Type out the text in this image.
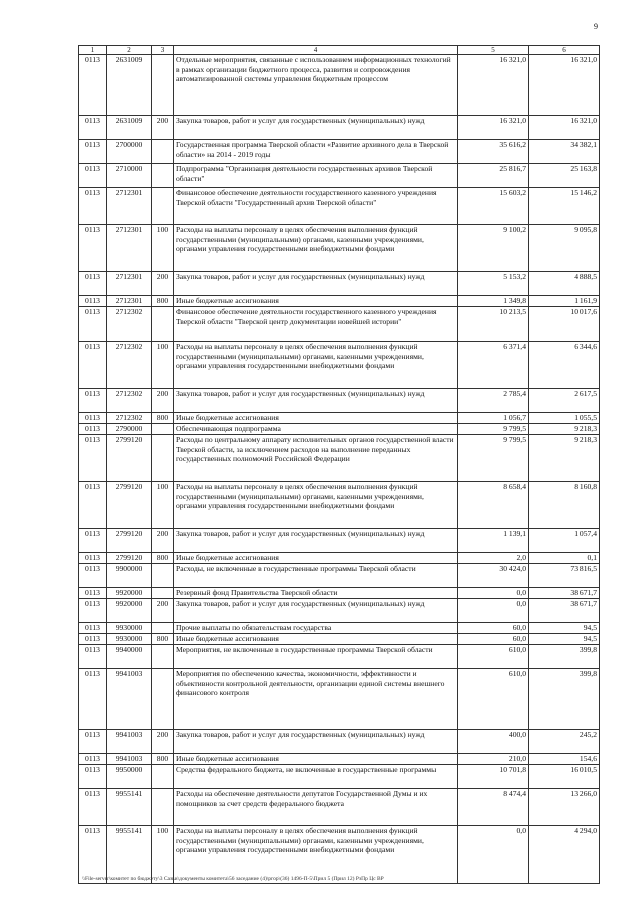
9
1	2	3	4	5	6
0113	2631009		Отдельные мероприятия, связанные с использованием информационных технологий в рамках организации бюджетного процесса, развития и сопровождения автоматизированной системы управления бюджетным процессом	16 321,0	16 321,0
0113	2631009	200	Закупка товаров, работ и услуг для государственных (муниципальных) нужд	16 321,0	16 321,0
0113	2700000		Государственная программа Тверской области «Развитие архивного дела в Тверской области» на 2014 - 2019 годы	35 616,2	34 382,1
0113	2710000		Подпрограмма "Организация деятельности государственных архивов Тверской области"	25 816,7	25 163,8
0113	2712301		Финансовое обеспечение деятельности государственного казенного учреждения Тверской области "Государственный архив Тверской области"	15 603,2	15 146,2
0113	2712301	100	Расходы на выплаты персоналу в целях обеспечения выполнения функций государственными (муниципальными) органами, казенными учреждениями, органами управления государственными внебюджетными фондами	9 100,2	9 095,8
0113	2712301	200	Закупка товаров, работ и услуг для государственных (муниципальных) нужд	5 153,2	4 888,5
0113	2712301	800	Иные бюджетные ассигнования	1 349,8	1 161,9
0113	2712302		Финансовое обеспечение деятельности государственного казенного учреждения Тверской области "Тверской центр документации новейшей истории"	10 213,5	10 017,6
0113	2712302	100	Расходы на выплаты персоналу в целях обеспечения выполнения функций государственными (муниципальными) органами, казенными учреждениями, органами управления государственными внебюджетными фондами	6 371,4	6 344,6
0113	2712302	200	Закупка товаров, работ и услуг для государственных (муниципальных) нужд	2 785,4	2 617,5
0113	2712302	800	Иные бюджетные ассигнования	1 056,7	1 055,5
0113	2790000		Обеспечивающая подпрограмма	9 799,5	9 218,3
0113	2799120		Расходы по центральному аппарату исполнительных органов государственной власти Тверской области, за исключением расходов на выполнение переданных государственных полномочий Российской Федерации	9 799,5	9 218,3
0113	2799120	100	Расходы на выплаты персоналу в целях обеспечения выполнения функций государственными (муниципальными) органами, казенными учреждениями, органами управления государственными внебюджетными фондами	8 658,4	8 160,8
0113	2799120	200	Закупка товаров, работ и услуг для государственных (муниципальных) нужд	1 139,1	1 057,4
0113	2799120	800	Иные бюджетные ассигнования	2,0	0,1
0113	9900000		Расходы, не включенные в государственные программы Тверской области	30 424,0	73 816,5
0113	9920000		Резервный фонд Правительства Тверской области	0,0	38 671,7
0113	9920000	200	Закупка товаров, работ и услуг для государственных (муниципальных) нужд	0,0	38 671,7
0113	9930000		Прочие выплаты по обязательствам государства	60,0	94,5
0113	9930000	800	Иные бюджетные ассигнования	60,0	94,5
0113	9940000		Мероприятия, не включенные в государственные программы Тверской области	610,0	399,8
0113	9941003		Мероприятия по обеспечению качества, экономичности, эффективности и объективности контрольной деятельности, организации единой системы внешнего финансового контроля	610,0	399,8
0113	9941003	200	Закупка товаров, работ и услуг для государственных (муниципальных) нужд	400,0	245,2
0113	9941003	800	Иные бюджетные ассигнования	210,0	154,6
0113	9950000		Средства федерального бюджета, не включенные в государственные программы	10 701,8	16 010,5
0113	9955141		Расходы на обеспечение деятельности депутатов Государственной Думы и их помощников за счет средств федерального бюджета	8 474,4	13 266,0
0113	9955141	100	Расходы на выплаты персоналу в целях обеспечения выполнения функций государственными (муниципальными) органами, казенными учреждениями, органами управления государственными внебюджетными фондами	0,0	4 294,0
\\File-server\комитет по бюджету\3 Сазьи\документы комитета\56 заседание (4)\ргор\(36) 1496-П-5\Прил 5 (Прил 12) РзПр Цс ВР
